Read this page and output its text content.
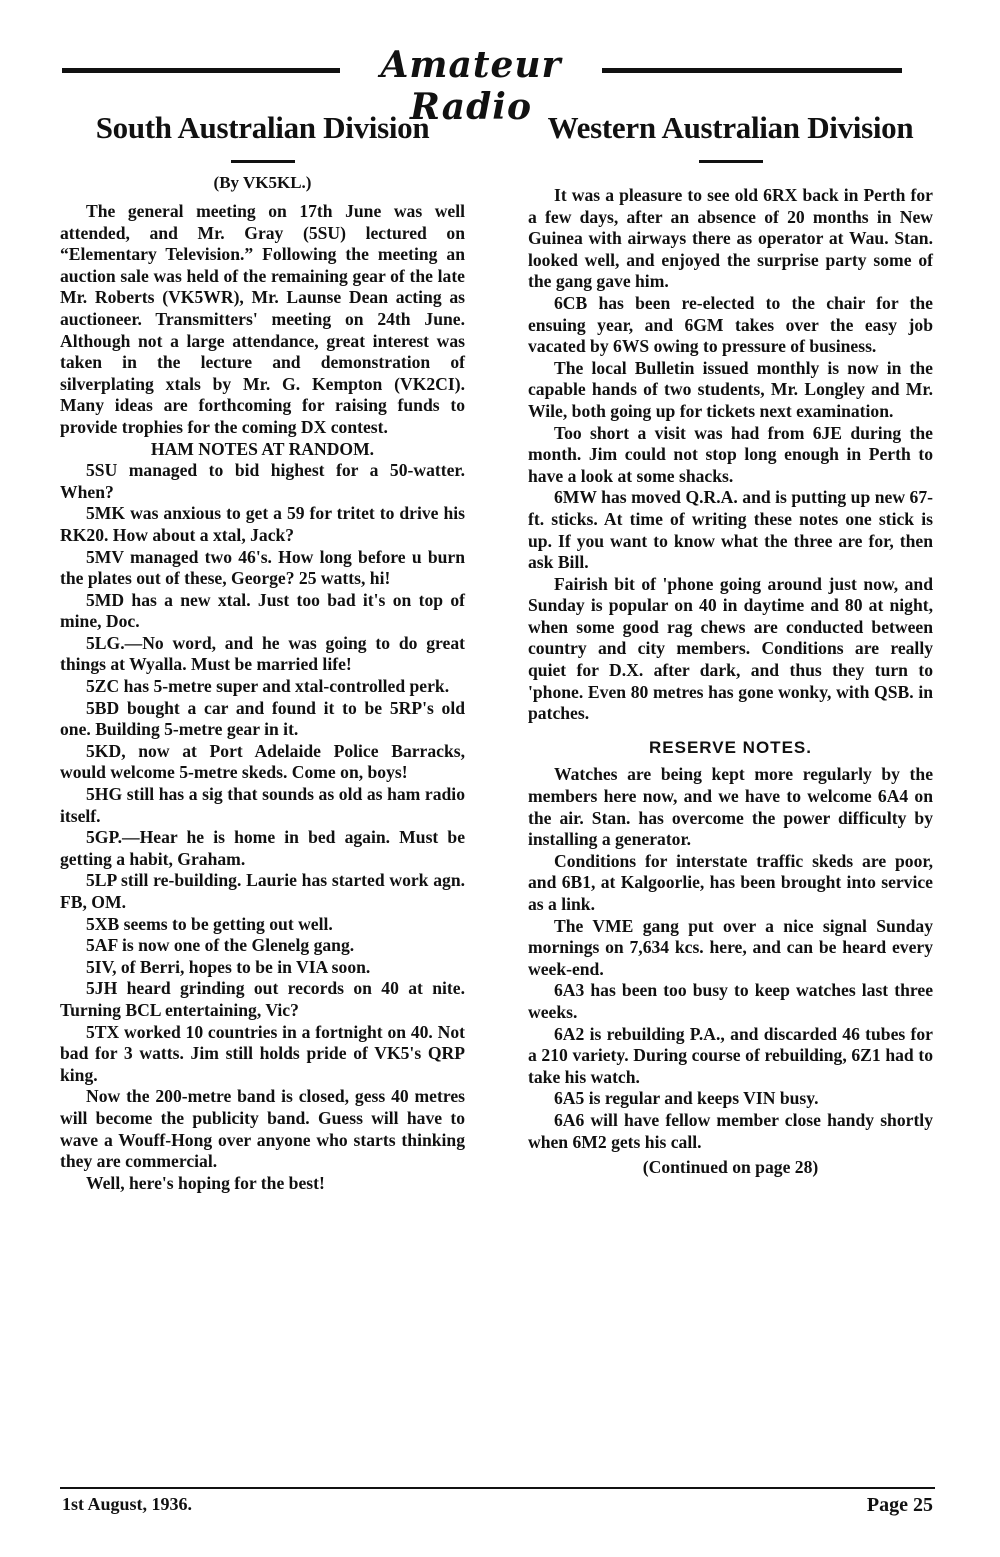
Amateur Radio
South Australian Division
(By VK5KL.)

The general meeting on 17th June was well attended, and Mr. Gray (5SU) lectured on “Elementary Television.” Following the meeting an auction sale was held of the remaining gear of the late Mr. Roberts (VK5WR), Mr. Launse Dean acting as auctioneer. Transmitters' meeting on 24th June. Although not a large attendance, great interest was taken in the lecture and demonstration of silverplating xtals by Mr. G. Kempton (VK2CI). Many ideas are forthcoming for raising funds to provide trophies for the coming DX contest.

HAM NOTES AT RANDOM.

5SU managed to bid highest for a 50-watter. When?

5MK was anxious to get a 59 for tritet to drive his RK20. How about a xtal, Jack?

5MV managed two 46's. How long before u burn the plates out of these, George? 25 watts, hi!

5MD has a new xtal. Just too bad it's on top of mine, Doc.

5LG.—No word, and he was going to do great things at Wyalla. Must be married life!

5ZC has 5-metre super and xtal-controlled perk.

5BD bought a car and found it to be 5RP's old one. Building 5-metre gear in it.

5KD, now at Port Adelaide Police Barracks, would welcome 5-metre skeds. Come on, boys!

5HG still has a sig that sounds as old as ham radio itself.

5GP.—Hear he is home in bed again. Must be getting a habit, Graham.

5LP still re-building. Laurie has started work agn. FB, OM.

5XB seems to be getting out well.

5AF is now one of the Glenelg gang.

5IV, of Berri, hopes to be in VIA soon.

5JH heard grinding out records on 40 at nite. Turning BCL entertaining, Vic?

5TX worked 10 countries in a fortnight on 40. Not bad for 3 watts. Jim still holds pride of VK5's QRP king.

Now the 200-metre band is closed, gess 40 metres will become the publicity band. Guess will have to wave a Wouff-Hong over anyone who starts thinking they are commercial.

Well, here's hoping for the best!

Western Australian Division

It was a pleasure to see old 6RX back in Perth for a few days, after an absence of 20 months in New Guinea with airways there as operator at Wau. Stan. looked well, and enjoyed the surprise party some of the gang gave him.

6CB has been re-elected to the chair for the ensuing year, and 6GM takes over the easy job vacated by 6WS owing to pressure of business.

The local Bulletin issued monthly is now in the capable hands of two students, Mr. Longley and Mr. Wile, both going up for tickets next examination.

Too short a visit was had from 6JE during the month. Jim could not stop long enough in Perth to have a look at some shacks.

6MW has moved Q.R.A. and is putting up new 67-ft. sticks. At time of writing these notes one stick is up. If you want to know what the three are for, then ask Bill.

Fairish bit of 'phone going around just now, and Sunday is popular on 40 in daytime and 80 at night, when some good rag chews are conducted between country and city members. Conditions are really quiet for D.X. after dark, and thus they turn to 'phone. Even 80 metres has gone wonky, with QSB. in patches.

RESERVE NOTES.

Watches are being kept more regularly by the members here now, and we have to welcome 6A4 on the air. Stan. has overcome the power difficulty by installing a generator.

Conditions for interstate traffic skeds are poor, and 6B1, at Kalgoorlie, has been brought into service as a link.

The VME gang put over a nice signal Sunday mornings on 7,634 kcs. here, and can be heard every week-end.

6A3 has been too busy to keep watches last three weeks.

6A2 is rebuilding P.A., and discarded 46 tubes for a 210 variety. During course of rebuilding, 6Z1 had to take his watch.

6A5 is regular and keeps VIN busy.

6A6 will have fellow member close handy shortly when 6M2 gets his call.

(Continued on page 28)
1st August, 1936.	Page 25
